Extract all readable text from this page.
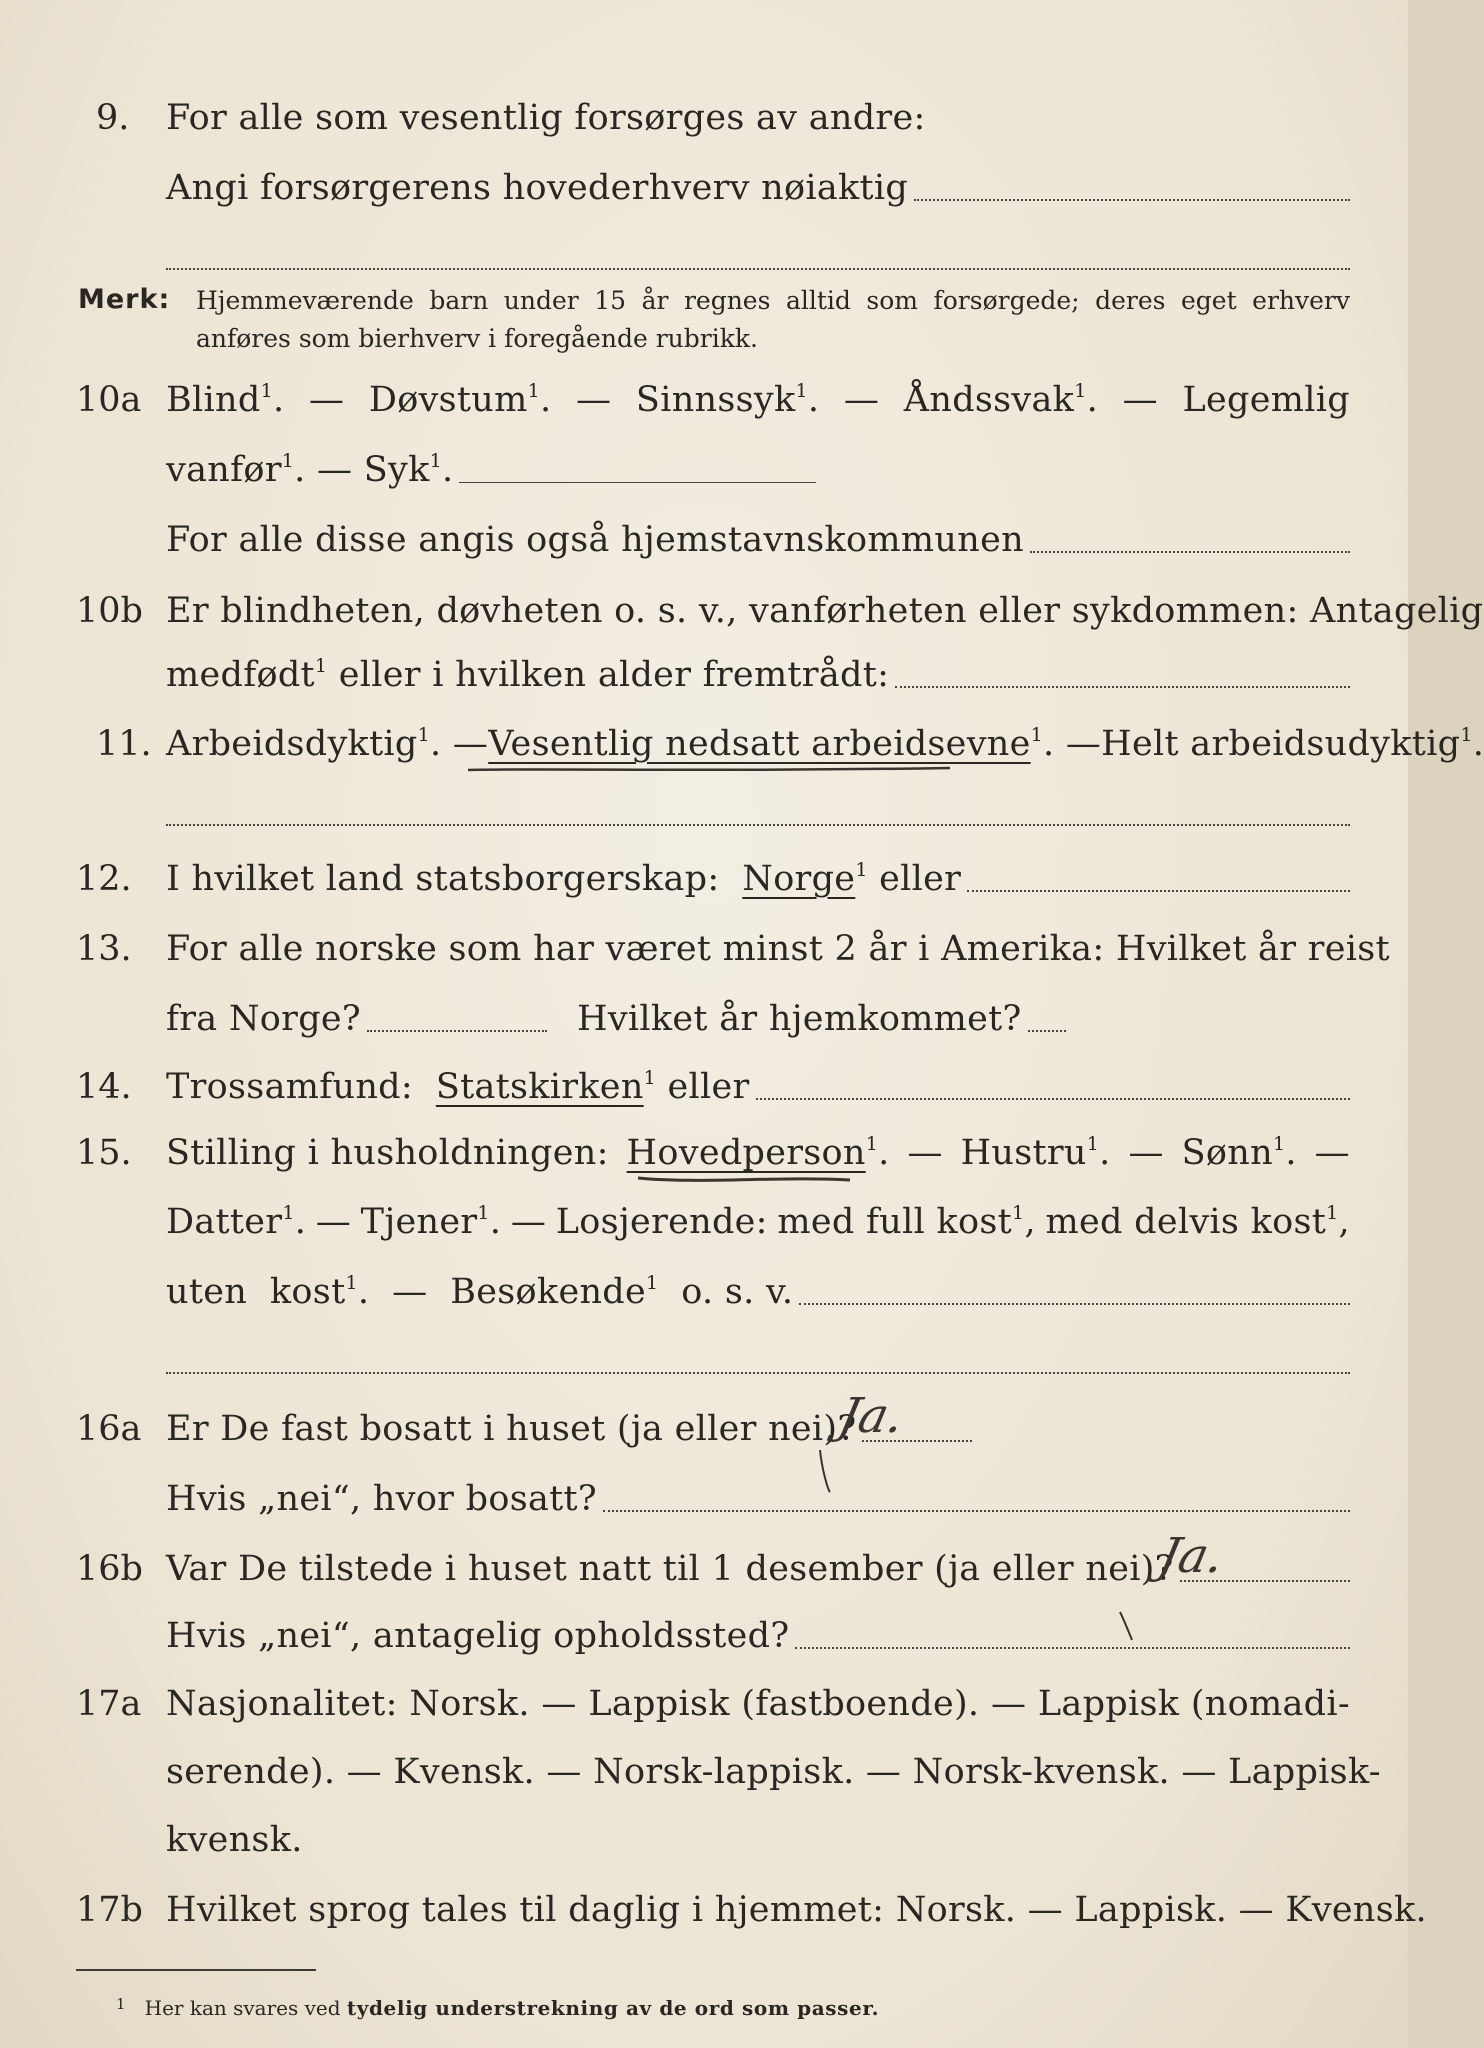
9. For alle som vesentlig forsørges av andre:
Angi forsørgerens hovederhverv nøiaktig
Merk: Hjemmeværende barn under 15 år regnes alltid som forsørgede; deres eget erhverv
anføres som bierhverv i foregående rubrikk.
10a Blind$^1$. — Døvstum$^1$. — Sinnssyk$^1$. — Åndssvak$^1$. — Legemlig
vanfør$^1$. — Syk$^1$.
For alle disse angis også hjemstavnskommunen
10b Er blindheten, døvheten o. s. v., vanførheten eller sykdommen: Antagelig
medfødt$^1$ eller i hvilken alder fremtrådt:
11. Arbeidsdyktig$^1$. — Vesentlig nedsatt arbeidsevne$^1$. — Helt arbeidsudyktig$^1$.
12. I hvilket land statsborgerskap: Norge$^1$ eller
13. For alle norske som har været minst 2 år i Amerika: Hvilket år reist
fra Norge?	Hvilket år hjemkommet?
14. Trossamfund: Statskirken$^1$ eller
15. Stilling i husholdningen: Hovedperson$^1$. — Hustru$^1$. — Sønn$^1$. —
Datter$^1$. — Tjener$^1$. — Losjerende: med full kost$^1$, med delvis kost$^1$,
uten kost$^1$.  —  Besøkende$^1$ o. s. v.
16a Er De fast bosatt i huset (ja eller nei)?
Ja.
Hvis „nei“, hvor bosatt?
16b Var De tilstede i huset natt til 1 desember (ja eller nei)?
Ja.
Hvis „nei“, antagelig opholdssted?
17a Nasjonalitet: Norsk. — Lappisk (fastboende). — Lappisk (nomadi-
serende). — Kvensk. — Norsk-lappisk. — Norsk-kvensk. — Lappisk-
kvensk.
17b Hvilket sprog tales til daglig i hjemmet: Norsk. — Lappisk. — Kvensk.
$^1$ Her kan svares ved tydelig understrekning av de ord som passer.
